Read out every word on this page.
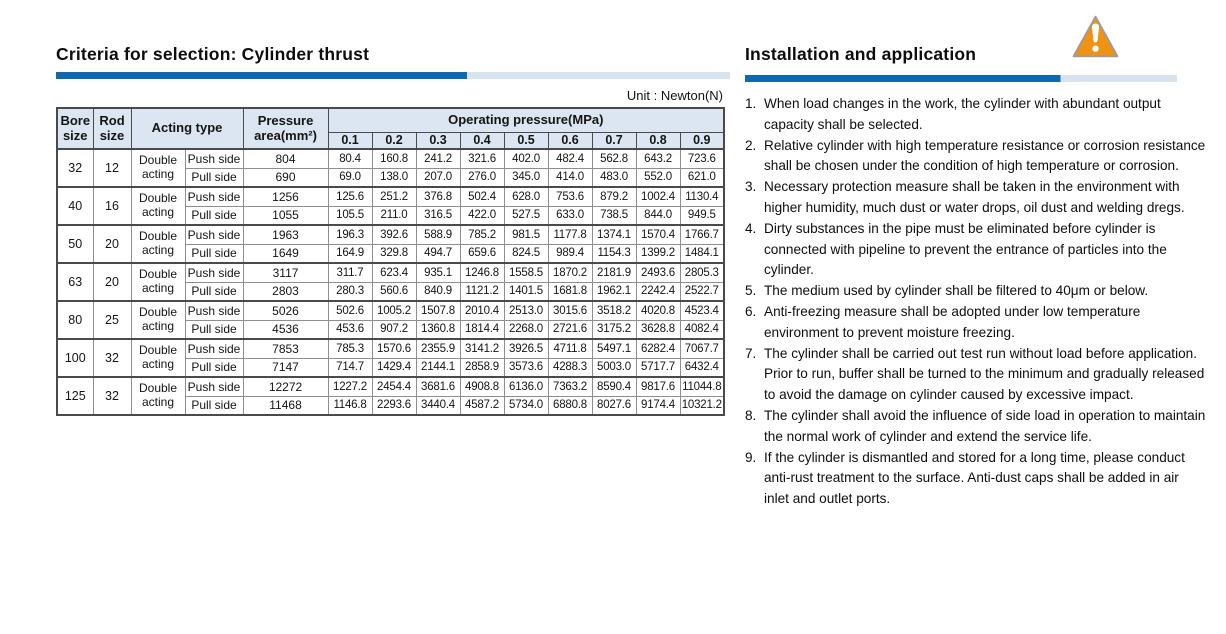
Criteria for selection: Cylinder thrust
Unit : Newton(N)
Bore size	Rod size	Acting type		Pressure area(mm²)	Operating pressure(MPa)								
					0.1	0.2	0.3	0.4	0.5	0.6	0.7	0.8	0.9
32	12	Double acting	Push side	804	80.4	160.8	241.2	321.6	402.0	482.4	562.8	643.2	723.6
			Pull side	690	69.0	138.0	207.0	276.0	345.0	414.0	483.0	552.0	621.0
40	16	Double acting	Push side	1256	125.6	251.2	376.8	502.4	628.0	753.6	879.2	1002.4	1130.4
			Pull side	1055	105.5	211.0	316.5	422.0	527.5	633.0	738.5	844.0	949.5
50	20	Double acting	Push side	1963	196.3	392.6	588.9	785.2	981.5	1177.8	1374.1	1570.4	1766.7
			Pull side	1649	164.9	329.8	494.7	659.6	824.5	989.4	1154.3	1399.2	1484.1
63	20	Double acting	Push side	3117	311.7	623.4	935.1	1246.8	1558.5	1870.2	2181.9	2493.6	2805.3
			Pull side	2803	280.3	560.6	840.9	1121.2	1401.5	1681.8	1962.1	2242.4	2522.7
80	25	Double acting	Push side	5026	502.6	1005.2	1507.8	2010.4	2513.0	3015.6	3518.2	4020.8	4523.4
			Pull side	4536	453.6	907.2	1360.8	1814.4	2268.0	2721.6	3175.2	3628.8	4082.4
100	32	Double acting	Push side	7853	785.3	1570.6	2355.9	3141.2	3926.5	4711.8	5497.1	6282.4	7067.7
			Pull side	7147	714.7	1429.4	2144.1	2858.9	3573.6	4288.3	5003.0	5717.7	6432.4
125	32	Double acting	Push side	12272	1227.2	2454.4	3681.6	4908.8	6136.0	7363.2	8590.4	9817.6	11044.8
			Pull side	11468	1146.8	2293.6	3440.4	4587.2	5734.0	6880.8	8027.6	9174.4	10321.2
Installation and application
1. When load changes in the work, the cylinder with abundant output capacity shall be selected.
2. Relative cylinder with high temperature resistance or corrosion resistance shall be chosen under the condition of high temperature or corrosion.
3. Necessary protection measure shall be taken in the environment with higher humidity, much dust or water drops, oil dust and welding dregs.
4. Dirty substances in the pipe must be eliminated before cylinder is connected with pipeline to prevent the entrance of particles into the cylinder.
5. The medium used by cylinder shall be filtered to 40μm or below.
6. Anti-freezing measure shall be adopted under low temperature environment to prevent moisture freezing.
7. The cylinder shall be carried out test run without load before application. Prior to run, buffer shall be turned to the minimum and gradually released to avoid the damage on cylinder caused by excessive impact.
8. The cylinder shall avoid the influence of side load in operation to maintain the normal work of cylinder and extend the service life.
9. If the cylinder is dismantled and stored for a long time, please conduct anti-rust treatment to the surface. Anti-dust caps shall be added in air inlet and outlet ports.
